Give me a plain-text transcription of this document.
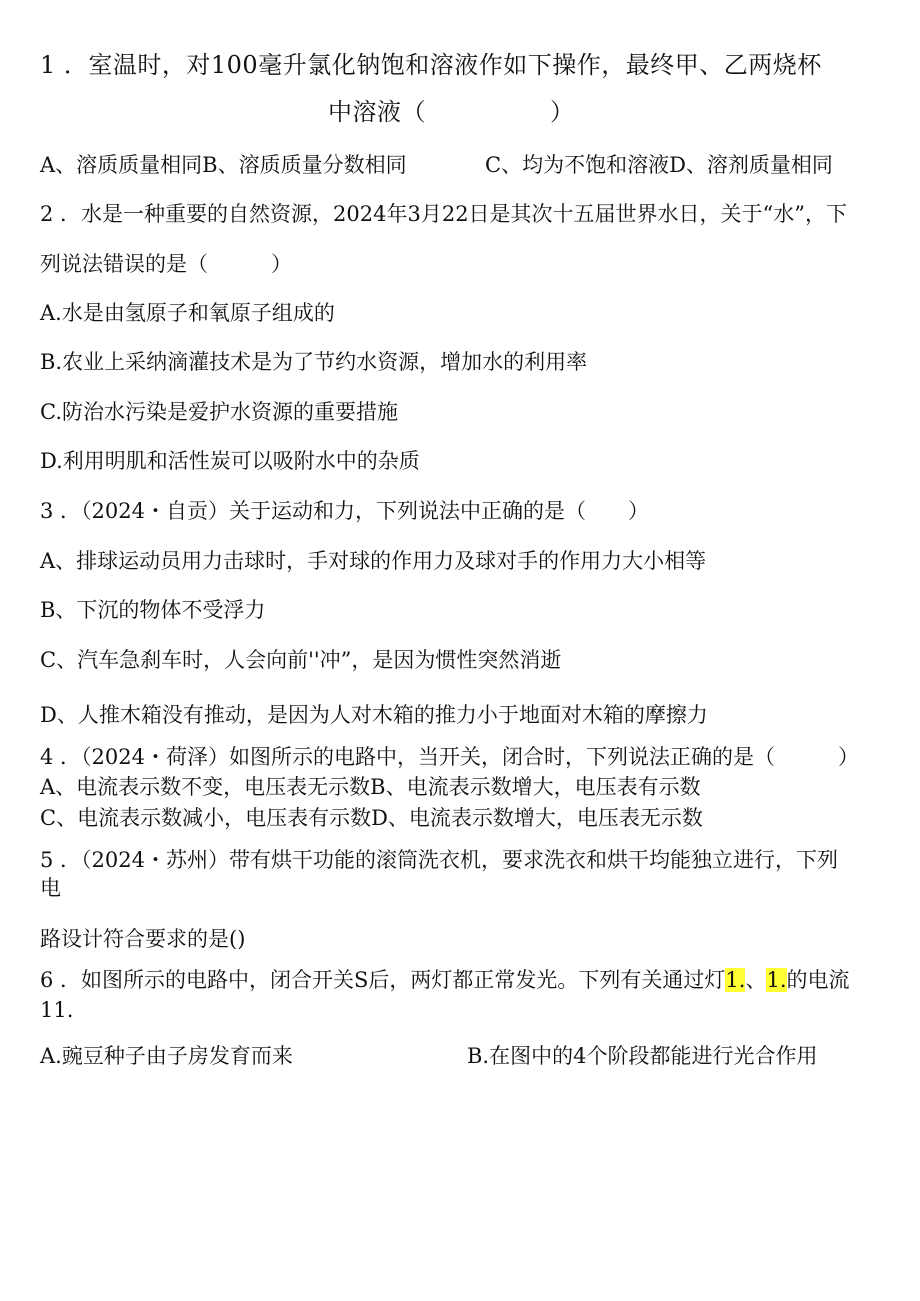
1 ．室温时，对100毫升氯化钠饱和溶液作如下操作，最终甲、乙两烧杯
中溶液（	）
A、溶质质量相同B、溶质质量分数相同	C、均为不饱和溶液D、溶剂质量相同
2 ．水是一种重要的自然资源，2024年3月22日是其次十五届世界水日，关于“水”，下
列说法错误的是（　　　）
A.水是由氢原子和氧原子组成的
B.农业上采纳滴灌技术是为了节约水资源，增加水的利用率
C.防治水污染是爱护水资源的重要措施
D.利用明肌和活性炭可以吸附水中的杂质
3 ．（2024・自贡）关于运动和力，下列说法中正确的是（　　）
A、排球运动员用力击球时，手对球的作用力及球对手的作用力大小相等
B、下沉的物体不受浮力
C、汽车急刹车时，人会向前''冲”，是因为惯性突然消逝
D、人推木箱没有推动，是因为人对木箱的推力小于地面对木箱的摩擦力
4 ．（2024・荷泽）如图所示的电路中，当开关，闭合时，下列说法正确的是（　　　）
A、电流表示数不变，电压表无示数B、电流表示数增大，电压表有示数
C、电流表示数减小，电压表有示数D、电流表示数增大，电压表无示数
5 ．（2024・苏州）带有烘干功能的滚筒洗衣机，要求洗衣和烘干均能独立进行，下列
电
路设计符合要求的是()
6 ．如图所示的电路中，闭合开关S后，两灯都正常发光。下列有关通过灯1.、1.的电流
11.
A.豌豆种子由子房发育而来	B.在图中的4个阶段都能进行光合作用
